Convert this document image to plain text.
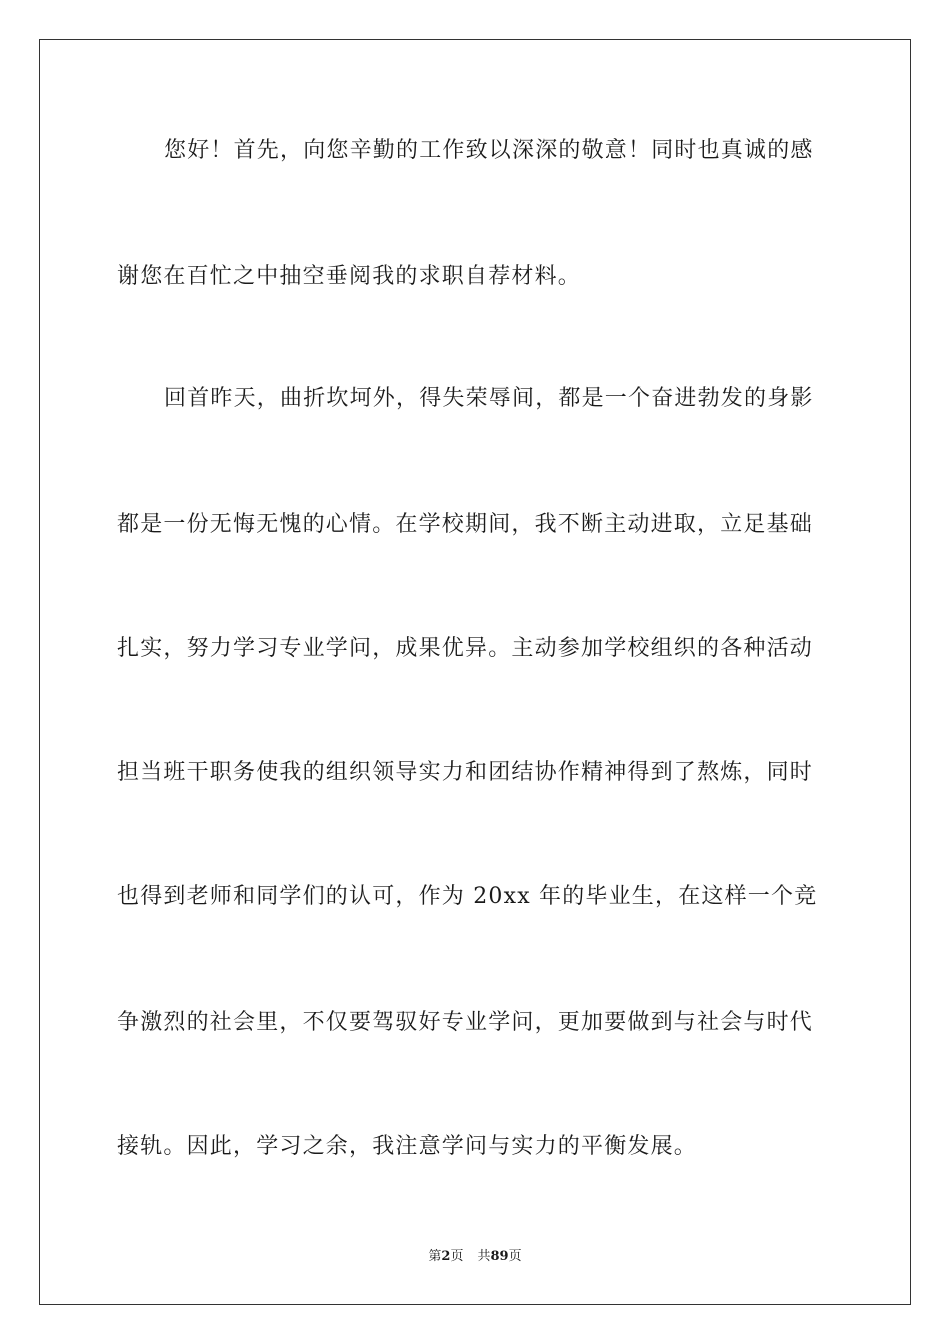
您好！首先，向您辛勤的工作致以深深的敬意！同时也真诚的感
谢您在百忙之中抽空垂阅我的求职自荐材料。
回首昨天，曲折坎坷外，得失荣辱间，都是一个奋进勃发的身影
都是一份无悔无愧的心情。在学校期间，我不断主动进取，立足基础
扎实，努力学习专业学问，成果优异。主动参加学校组织的各种活动
担当班干职务使我的组织领导实力和团结协作精神得到了熬炼，同时
也得到老师和同学们的认可，作为 20xx 年的毕业生，在这样一个竞
争激烈的社会里，不仅要驾驭好专业学问，更加要做到与社会与时代
接轨。因此，学习之余，我注意学问与实力的平衡发展。
第2页 共89页
